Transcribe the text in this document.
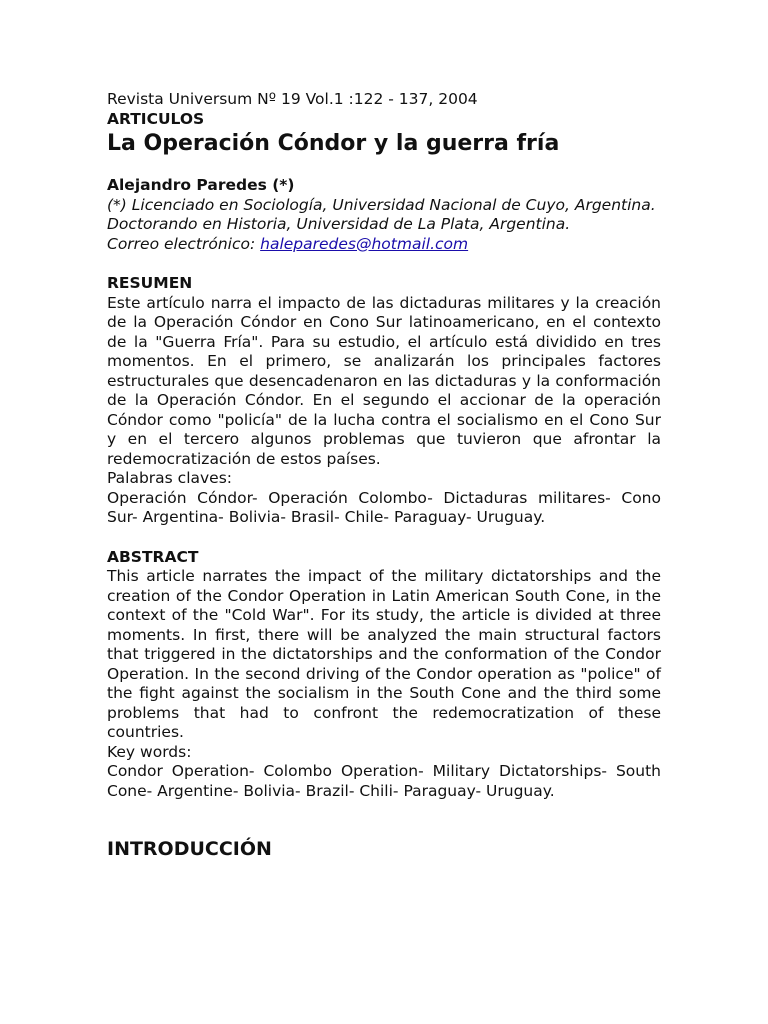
Revista Universum Nº 19 Vol.1 :122 - 137, 2004
ARTICULOS
La Operación Cóndor y la guerra fría
Alejandro Paredes (*)
(*) Licenciado en Sociología, Universidad Nacional de Cuyo, Argentina. Doctorando en Historia, Universidad de La Plata, Argentina.
Correo electrónico: haleparedes@hotmail.com
RESUMEN
Este artículo narra el impacto de las dictaduras militares y la creación de la Operación Cóndor en Cono Sur latinoamericano, en el contexto de la "Guerra Fría". Para su estudio, el artículo está dividido en tres momentos. En el primero, se analizarán los principales factores estructurales que desencadenaron en las dictaduras y la conformación de la Operación Cóndor. En el segundo el accionar de la operación Cóndor como "policía" de la lucha contra el socialismo en el Cono Sur y en el tercero algunos problemas que tuvieron que afrontar la redemocratización de estos países.
Palabras claves:
Operación Cóndor- Operación Colombo- Dictaduras militares- Cono Sur- Argentina- Bolivia- Brasil- Chile- Paraguay- Uruguay.
ABSTRACT
This article narrates the impact of the military dictatorships and the creation of the Condor Operation in Latin American South Cone, in the context of the "Cold War". For its study, the article is divided at three moments. In first, there will be analyzed the main structural factors that triggered in the dictatorships and the conformation of the Condor Operation. In the second driving of the Condor operation as "police" of the fight against the socialism in the South Cone and the third some problems that had to confront the redemocratization of these countries.
Key words:
Condor Operation- Colombo Operation- Military Dictatorships- South Cone- Argentine- Bolivia- Brazil- Chili- Paraguay- Uruguay.
INTRODUCCIÓN
